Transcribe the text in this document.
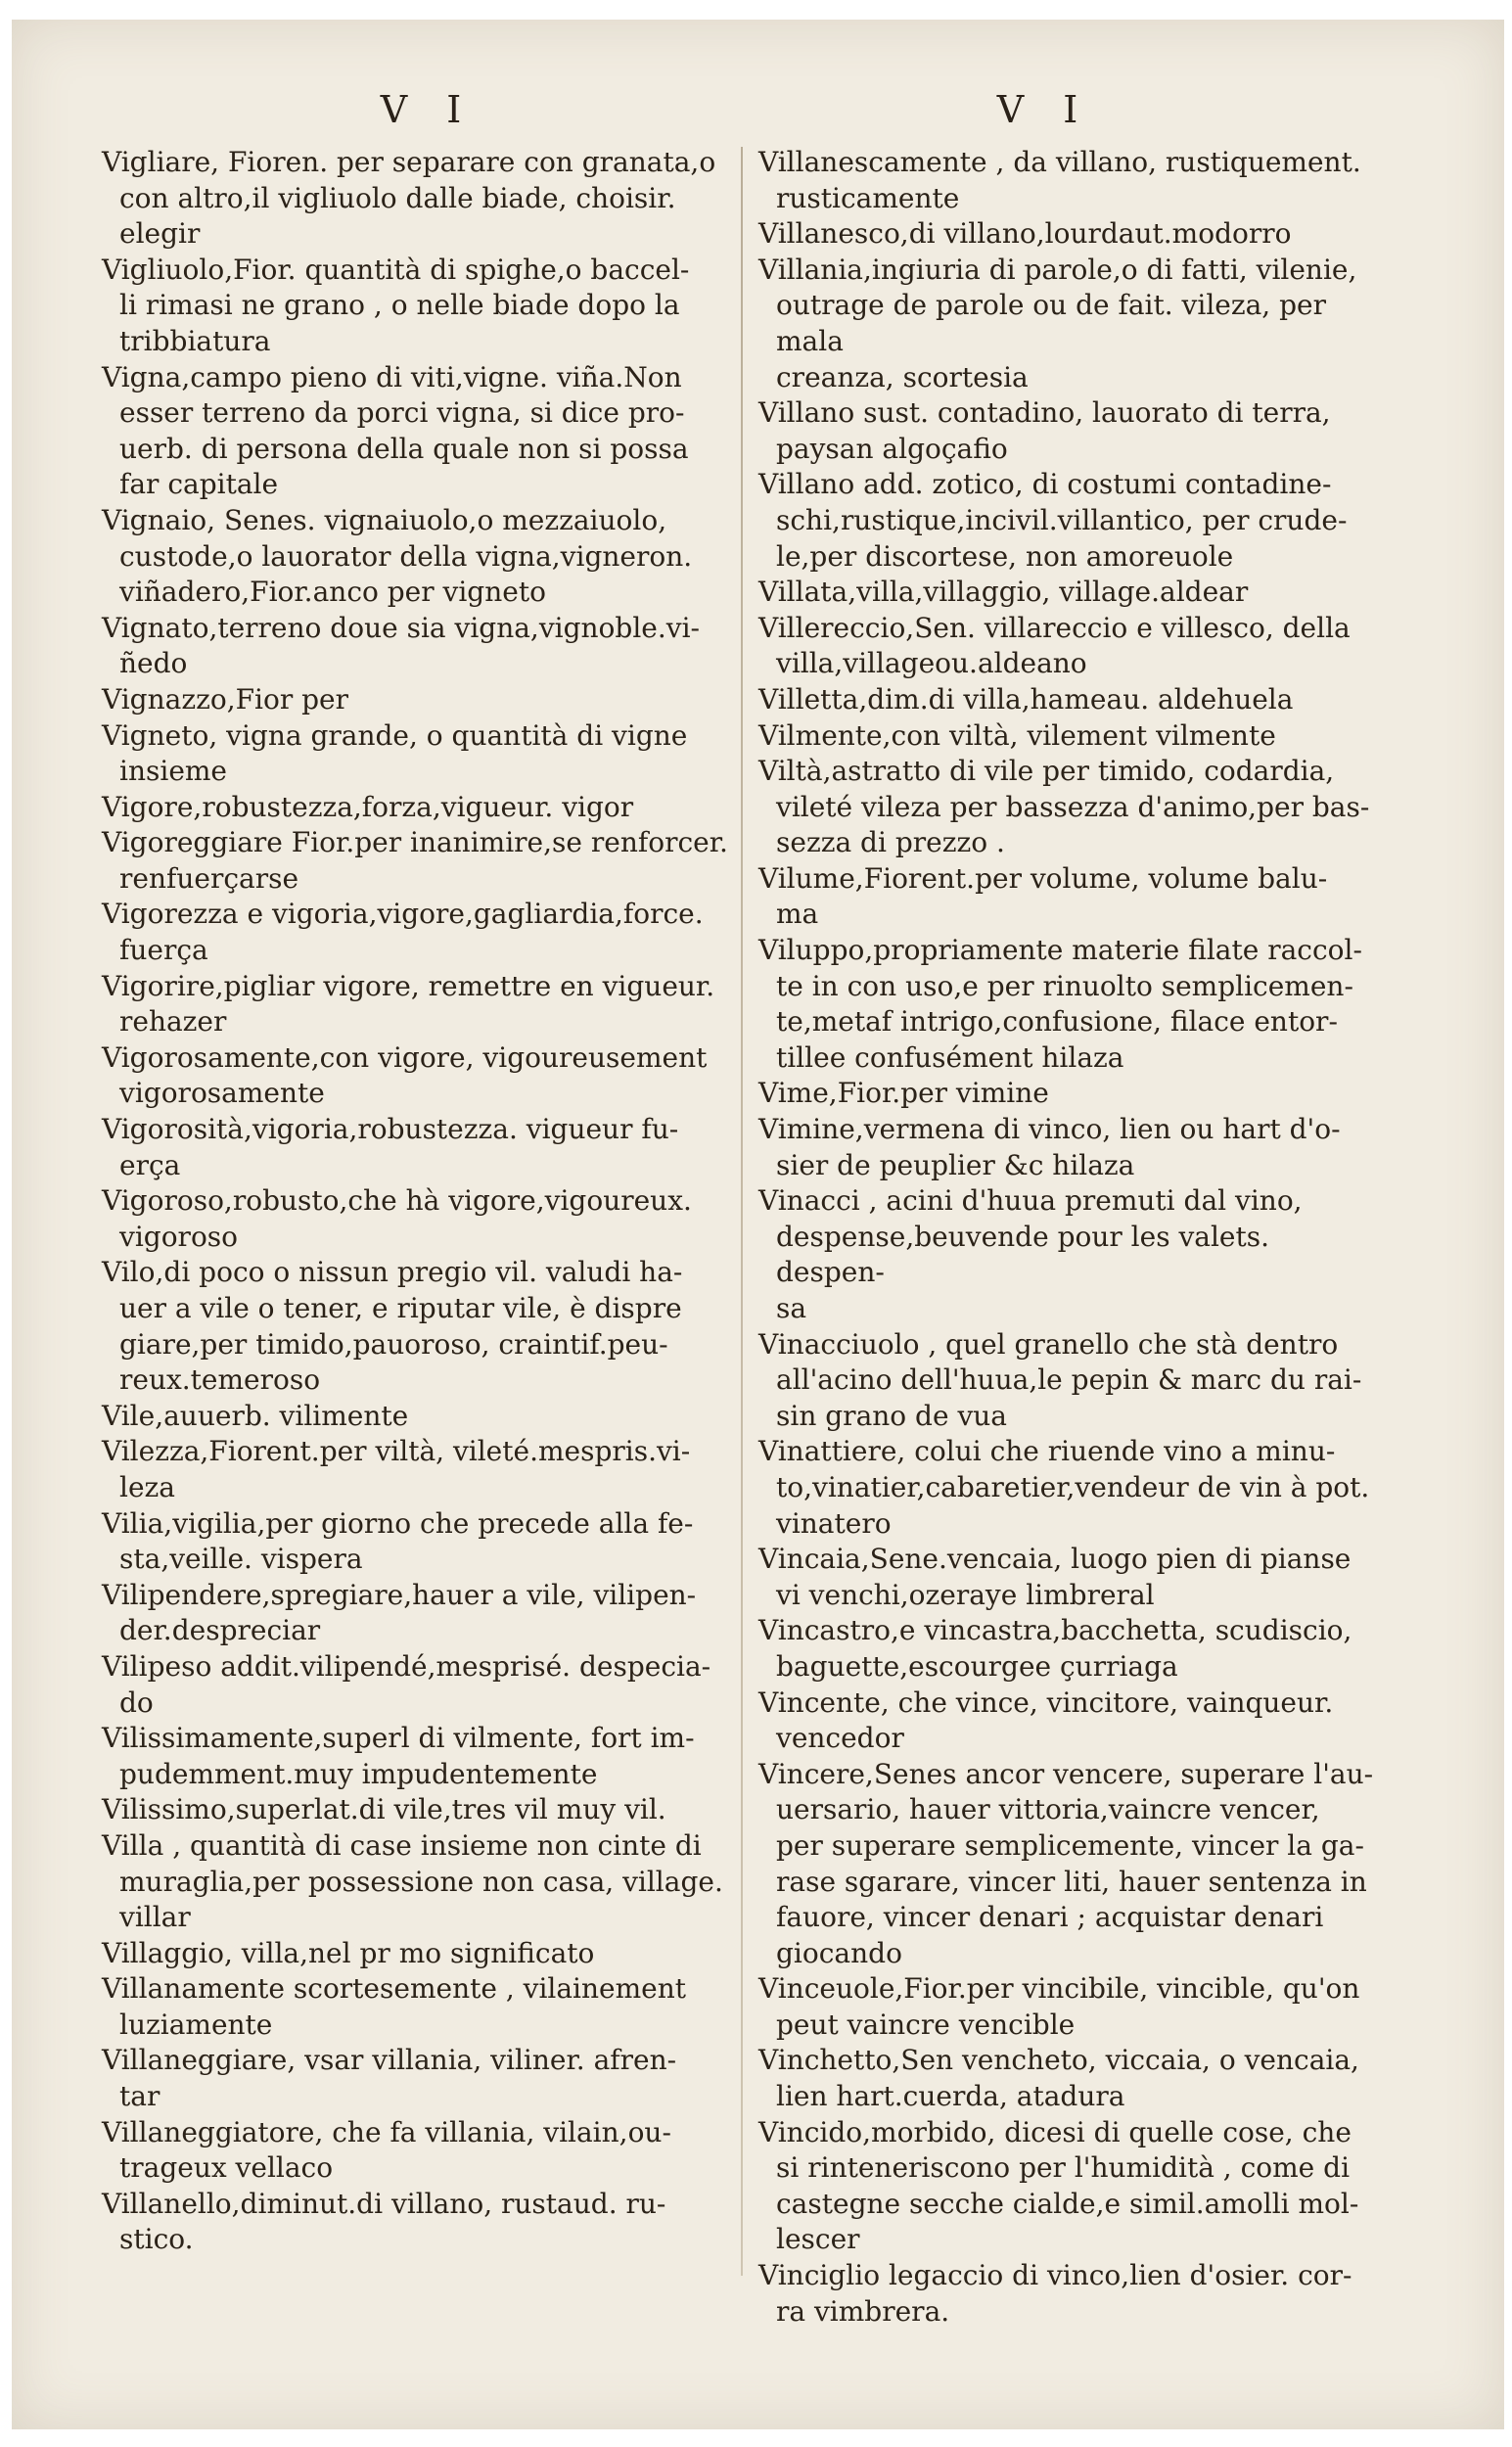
V I	V I
Vigliare, Fioren. per separare con granata,o
con altro,il vigliuolo dalle biade, choisir.
elegir
Vigliuolo,Fior. quantità di spighe,o baccel-
li rimasi ne grano , o nelle biade dopo la
tribbiatura
Vigna,campo pieno di viti,vigne. viña.Non
esser terreno da porci vigna, si dice pro-
uerb. di persona della quale non si possa
far capitale
Vignaio, Senes. vignaiuolo,o mezzaiuolo,
custode,o lauorator della vigna,vigneron.
viñadero,Fior.anco per vigneto
Vignato,terreno doue sia vigna,vignoble.vi-
ñedo
Vignazzo,Fior per
Vigneto, vigna grande, o quantità di vigne
insieme
Vigore,robustezza,forza,vigueur. vigor
Vigoreggiare Fior.per inanimire,se renforcer.
renfuerçarse
Vigorezza e vigoria,vigore,gagliardia,force.
fuerça
Vigorire,pigliar vigore, remettre en vigueur.
rehazer
Vigorosamente,con vigore, vigoureusement
vigorosamente
Vigorosità,vigoria,robustezza. vigueur fu-
erça
Vigoroso,robusto,che hà vigore,vigoureux.
vigoroso
Vilo,di poco o nissun pregio vil. valudi ha-
uer a vile o tener, e riputar vile, è dispre
giare,per timido,pauoroso, craintif.peu-
reux.temeroso
Vile,auuerb. vilimente
Vilezza,Fiorent.per viltà, vileté.mespris.vi-
leza
Vilia,vigilia,per giorno che precede alla fe-
sta,veille. vispera
Vilipendere,spregiare,hauer a vile, vilipen-
der.despreciar
Vilipeso addit.vilipendé,mesprisé. despecia-
do
Vilissimamente,superl di vilmente, fort im-
pudemment.muy impudentemente
Vilissimo,superlat.di vile,tres vil muy vil.
Villa , quantità di case insieme non cinte di
muraglia,per possessione non casa, village.
villar
Villaggio, villa,nel pr mo significato
Villanamente scortesemente , vilainement
luziamente
Villaneggiare, vsar villania, viliner. afren-
tar
Villaneggiatore, che fa villania, vilain,ou-
trageux vellaco
Villanello,diminut.di villano, rustaud. ru-
stico.
Villanescamente , da villano, rustiquement.
rusticamente
Villanesco,di villano,lourdaut.modorro
Villania,ingiuria di parole,o di fatti, vilenie,
outrage de parole ou de fait. vileza, per mala
creanza, scortesia
Villano sust. contadino, lauorato di terra,
paysan algoçafio
Villano add. zotico, di costumi contadine-
schi,rustique,incivil.villantico, per crude-
le,per discortese, non amoreuole
Villata,villa,villaggio, village.aldear
Villereccio,Sen. villareccio e villesco, della
villa,villageou.aldeano
Villetta,dim.di villa,hameau. aldehuela
Vilmente,con viltà, vilement vilmente
Viltà,astratto di vile per timido, codardia,
vileté vileza per bassezza d'animo,per bas-
sezza di prezzo .
Vilume,Fiorent.per volume, volume balu-
ma
Viluppo,propriamente materie filate raccol-
te in con uso,e per rinuolto semplicemen-
te,metaf intrigo,confusione, filace entor-
tillee confusément hilaza
Vime,Fior.per vimine
Vimine,vermena di vinco, lien ou hart d'o-
sier de peuplier &c hilaza
Vinacci , acini d'huua premuti dal vino,
despense,beuvende pour les valets. despen-
sa
Vinacciuolo , quel granello che stà dentro
all'acino dell'huua,le pepin & marc du rai-
sin grano de vua
Vinattiere, colui che riuende vino a minu-
to,vinatier,cabaretier,vendeur de vin à pot.
vinatero
Vincaia,Sene.vencaia, luogo pien di pianse
vi venchi,ozeraye limbreral
Vincastro,e vincastra,bacchetta, scudiscio,
baguette,escourgee çurriaga
Vincente, che vince, vincitore, vainqueur.
vencedor
Vincere,Senes ancor vencere, superare l'au-
uersario, hauer vittoria,vaincre vencer,
per superare semplicemente, vincer la ga-
rase sgarare, vincer liti, hauer sentenza in
fauore, vincer denari ; acquistar denari
giocando
Vinceuole,Fior.per vincibile, vincible, qu'on
peut vaincre vencible
Vinchetto,Sen vencheto, viccaia, o vencaia,
lien hart.cuerda, atadura
Vincido,morbido, dicesi di quelle cose, che
si rinteneriscono per l'humidità , come di
castegne secche cialde,e simil.amolli mol-
lescer
Vinciglio legaccio di vinco,lien d'osier. cor-
ra vimbrera.
